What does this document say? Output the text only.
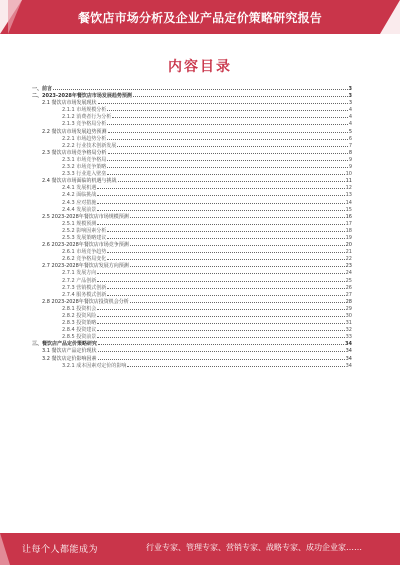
餐饮店市场分析及企业产品定价策略研究报告
内容目录
一、前言	3
二、2023-2028年餐饮店市场发展趋势预测	3
2.1 餐饮店市场发展现状	3
2.1.1 市场规模分析	4
2.1.2 消费者行为分析	4
2.1.3 竞争格局分析	4
2.2 餐饮店市场发展趋势预测	5
2.2.1 市场趋势分析	6
2.2.2 行业技术创新发展	7
2.3 餐饮店市场竞争格局分析	8
2.3.1 市场竞争格局	9
2.3.2 市场竞争策略	9
2.3.3 行业进入壁垒	10
2.4 餐饮店市场面临的机遇与挑战	11
2.4.1 发展机遇	12
2.4.2 面临挑战	13
2.4.3 应对措施	14
2.4.4 发展前景	15
2.5 2023-2028年餐饮店市场规模预测	16
2.5.1 规模预测	17
2.5.2 影响因素分析	18
2.5.3 发展策略建议	19
2.6 2023-2028年餐饮店市场竞争预测	20
2.6.1 市场竞争趋势	21
2.6.2 竞争格局变化	22
2.7 2023-2028年餐饮店发展方向预测	23
2.7.1 发展方向	24
2.7.2 产品创新	25
2.7.3 营销模式创新	26
2.7.4 服务模式创新	27
2.8 2023-2028年餐饮店投资机会分析	28
2.8.1 投资机会	29
2.8.2 投资风险	30
2.8.3 投资策略	31
2.8.4 投资建议	32
2.8.5 投资前景	33
三、餐饮店产品定价策略研究	34
3.1 餐饮店产品定价现状	34
3.2 餐饮店定价影响因素	34
3.2.1 成本因素对定价的影响	34
让每个人都能成为	行业专家、管理专家、营销专家、战略专家、成功企业家……
